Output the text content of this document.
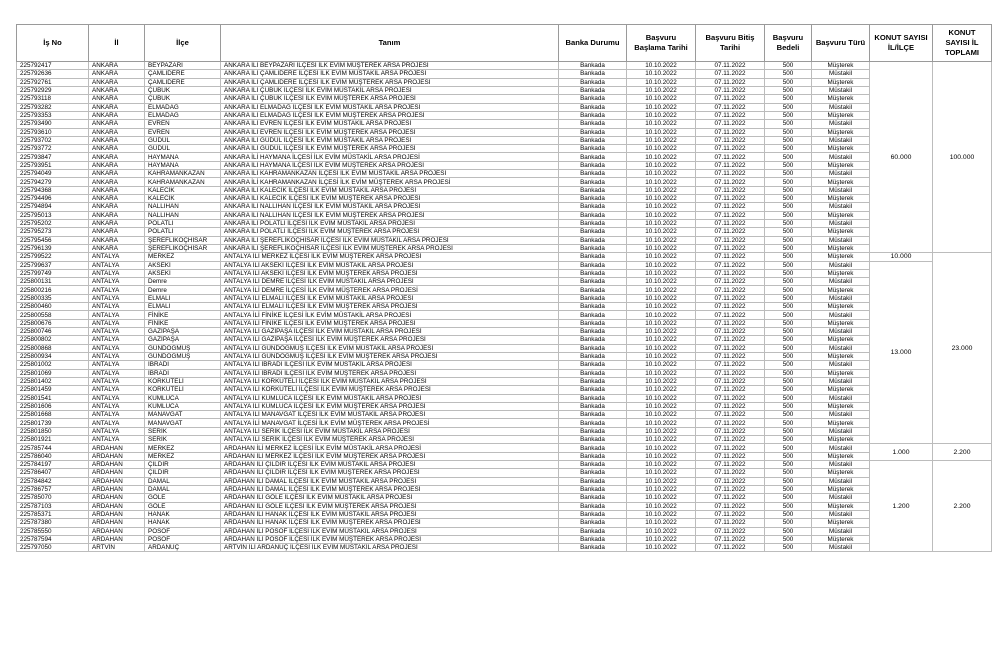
İş No	İl	İlçe	Tanım	Banka Durumu	Başvuru Başlama Tarihi	Başvuru Bitiş Tarihi	Başvuru Bedeli	Başvuru Türü	KONUT SAYISI İL/İLÇE	KONUT SAYISI İL TOPLAMI
225792417	ANKARA	BEYPAZARI	ANKARA İLİ BEYPAZARI İLÇESİ İLK EVİM MÜŞTEREK ARSA PROJESİ	Bankada	10.10.2022	07.11.2022	500	Müşterek	60.000	100.000
225792636	ANKARA	ÇAMLIDERE	ANKARA İLİ ÇAMLIDERE İLÇESİ İLK EVİM MÜSTAKİL ARSA PROJESİ	Bankada	10.10.2022	07.11.2022	500	Müstakil		
225792761	ANKARA	ÇAMLIDERE	ANKARA İLİ ÇAMLIDERE İLÇESİ İLK EVİM MÜŞTEREK ARSA PROJESİ	Bankada	10.10.2022	07.11.2022	500	Müşterek		
225792929	ANKARA	ÇUBUK	ANKARA İLİ ÇUBUK İLÇESİ İLK EVİM MÜSTAKİL ARSA PROJESİ	Bankada	10.10.2022	07.11.2022	500	Müstakil		
225793118	ANKARA	ÇUBUK	ANKARA İLİ ÇUBUK İLÇESİ İLK EVİM MÜŞTEREK ARSA PROJESİ	Bankada	10.10.2022	07.11.2022	500	Müşterek		
225793282	ANKARA	ELMADAĞ	ANKARA İLİ ELMADAĞ İLÇESİ İLK EVİM MÜSTAKİL ARSA PROJESİ	Bankada	10.10.2022	07.11.2022	500	Müstakil		
225793353	ANKARA	ELMADAĞ	ANKARA İLİ ELMADAĞ İLÇESİ İLK EVİM MÜŞTEREK ARSA PROJESİ	Bankada	10.10.2022	07.11.2022	500	Müşterek		
225793490	ANKARA	EVREN	ANKARA İLİ EVREN İLÇESİ İLK EVİM MÜSTAKİL ARSA PROJESİ	Bankada	10.10.2022	07.11.2022	500	Müstakil		
225793610	ANKARA	EVREN	ANKARA İLİ EVREN İLÇESİ İLK EVİM MÜŞTEREK ARSA PROJESİ	Bankada	10.10.2022	07.11.2022	500	Müşterek		
225793702	ANKARA	GÜDÜL	ANKARA İLİ GÜDÜL İLÇESİ İLK EVİM MÜSTAKİL ARSA PROJESİ	Bankada	10.10.2022	07.11.2022	500	Müstakil		
225793772	ANKARA	GÜDÜL	ANKARA İLİ GÜDÜL İLÇESİ İLK EVİM MÜŞTEREK ARSA PROJESİ	Bankada	10.10.2022	07.11.2022	500	Müşterek		
225793847	ANKARA	HAYMANA	ANKARA İLİ HAYMANA İLÇESİ İLK EVİM MÜSTAKİL ARSA PROJESİ	Bankada	10.10.2022	07.11.2022	500	Müstakil		
225793951	ANKARA	HAYMANA	ANKARA İLİ HAYMANA İLÇESİ İLK EVİM MÜŞTEREK ARSA PROJESİ	Bankada	10.10.2022	07.11.2022	500	Müşterek		
225794049	ANKARA	KAHRAMANKAZAN	ANKARA İLİ KAHRAMANKAZAN İLÇESİ İLK EVİM MÜSTAKİL ARSA PROJESİ	Bankada	10.10.2022	07.11.2022	500	Müstakil		
225794279	ANKARA	KAHRAMANKAZAN	ANKARA İLİ KAHRAMANKAZAN İLÇESİ İLK EVİM MÜŞTEREK ARSA PROJESİ	Bankada	10.10.2022	07.11.2022	500	Müşterek		
225794368	ANKARA	KALECİK	ANKARA İLİ KALECİK İLÇESİ İLK EVİM MÜSTAKİL ARSA PROJESİ	Bankada	10.10.2022	07.11.2022	500	Müstakil		
225794496	ANKARA	KALECİK	ANKARA İLİ KALECİK İLÇESİ İLK EVİM MÜŞTEREK ARSA PROJESİ	Bankada	10.10.2022	07.11.2022	500	Müşterek		
225794894	ANKARA	NALLIHAN	ANKARA İLİ NALLIHAN İLÇESİ İLK EVİM MÜSTAKİL ARSA PROJESİ	Bankada	10.10.2022	07.11.2022	500	Müstakil		
225795013	ANKARA	NALLIHAN	ANKARA İLİ NALLIHAN İLÇESİ İLK EVİM MÜŞTEREK ARSA PROJESİ	Bankada	10.10.2022	07.11.2022	500	Müşterek		
225795202	ANKARA	POLATLI	ANKARA İLİ POLATLI İLÇESİ İLK EVİM MÜSTAKİL ARSA PROJESİ	Bankada	10.10.2022	07.11.2022	500	Müstakil		
225795273	ANKARA	POLATLI	ANKARA İLİ POLATLI İLÇESİ İLK EVİM MÜŞTEREK ARSA PROJESİ	Bankada	10.10.2022	07.11.2022	500	Müşterek		
225795456	ANKARA	ŞEREFLİKOÇHİSAR	ANKARA İLİ ŞEREFLİKOÇHİSAR İLÇESİ İLK EVİM MÜSTAKİL ARSA PROJESİ	Bankada	10.10.2022	07.11.2022	500	Müstakil		
225796139	ANKARA	ŞEREFLİKOÇHİSAR	ANKARA İLİ ŞEREFLİKOÇHİSAR İLÇESİ İLK EVİM MÜŞTEREK ARSA PROJESİ	Bankada	10.10.2022	07.11.2022	500	Müşterek		
225799522	ANTALYA	MERKEZ	ANTALYA İLİ MERKEZ İLÇESİ İLK EVİM MÜŞTEREK ARSA PROJESİ	Bankada	10.10.2022	07.11.2022	500	Müşterek	10.000	23.000
225799637	ANTALYA	AKSEKİ	ANTALYA İLİ AKSEKİ İLÇESİ İLK EVİM MÜSTAKİL ARSA PROJESİ	Bankada	10.10.2022	07.11.2022	500	Müstakil	13.000	
225799749	ANTALYA	AKSEKİ	ANTALYA İLİ AKSEKİ İLÇESİ İLK EVİM MÜŞTEREK ARSA PROJESİ	Bankada	10.10.2022	07.11.2022	500	Müşterek		
225800131	ANTALYA	Demre	ANTALYA İLİ DEMRE İLÇESİ İLK EVİM MÜSTAKİL ARSA PROJESİ	Bankada	10.10.2022	07.11.2022	500	Müstakil		
225800216	ANTALYA	Demre	ANTALYA İLİ DEMRE İLÇESİ İLK EVİM MÜŞTEREK ARSA PROJESİ	Bankada	10.10.2022	07.11.2022	500	Müşterek		
225800335	ANTALYA	ELMALI	ANTALYA İLİ ELMALI İLÇESİ İLK EVİM MÜSTAKİL ARSA PROJESİ	Bankada	10.10.2022	07.11.2022	500	Müstakil		
225800460	ANTALYA	ELMALI	ANTALYA İLİ ELMALI İLÇESİ İLK EVİM MÜŞTEREK ARSA PROJESİ	Bankada	10.10.2022	07.11.2022	500	Müşterek		
225800558	ANTALYA	FİNİKE	ANTALYA İLİ FİNİKE İLÇESİ İLK EVİM MÜSTAKİL ARSA PROJESİ	Bankada	10.10.2022	07.11.2022	500	Müstakil		
225800676	ANTALYA	FİNİKE	ANTALYA İLİ FİNİKE İLÇESİ İLK EVİM MÜŞTEREK ARSA PROJESİ	Bankada	10.10.2022	07.11.2022	500	Müşterek		
225800746	ANTALYA	GAZİPAŞA	ANTALYA İLİ GAZİPAŞA İLÇESİ İLK EVİM MÜSTAKİL ARSA PROJESİ	Bankada	10.10.2022	07.11.2022	500	Müstakil		
225800802	ANTALYA	GAZİPAŞA	ANTALYA İLİ GAZİPAŞA İLÇESİ İLK EVİM MÜŞTEREK ARSA PROJESİ	Bankada	10.10.2022	07.11.2022	500	Müşterek		
225800868	ANTALYA	GÜNDOĞMUŞ	ANTALYA İLİ GÜNDOĞMUŞ İLÇESİ İLK EVİM MÜSTAKİL ARSA PROJESİ	Bankada	10.10.2022	07.11.2022	500	Müstakil		
225800934	ANTALYA	GÜNDOĞMUŞ	ANTALYA İLİ GÜNDOĞMUŞ İLÇESİ İLK EVİM MÜŞTEREK ARSA PROJESİ	Bankada	10.10.2022	07.11.2022	500	Müşterek		
225801002	ANTALYA	İBRADI	ANTALYA İLİ İBRADI İLÇESİ İLK EVİM MÜSTAKİL ARSA PROJESİ	Bankada	10.10.2022	07.11.2022	500	Müstakil		
225801069	ANTALYA	İBRADI	ANTALYA İLİ İBRADI İLÇESİ İLK EVİM MÜŞTEREK ARSA PROJESİ	Bankada	10.10.2022	07.11.2022	500	Müşterek		
225801402	ANTALYA	KORKUTELİ	ANTALYA İLİ KORKUTELİ İLÇESİ İLK EVİM MÜSTAKİL ARSA PROJESİ	Bankada	10.10.2022	07.11.2022	500	Müstakil		
225801459	ANTALYA	KORKUTELİ	ANTALYA İLİ KORKUTELİ İLÇESİ İLK EVİM MÜŞTEREK ARSA PROJESİ	Bankada	10.10.2022	07.11.2022	500	Müşterek		
225801541	ANTALYA	KUMLUCA	ANTALYA İLİ KUMLUCA İLÇESİ İLK EVİM MÜSTAKİL ARSA PROJESİ	Bankada	10.10.2022	07.11.2022	500	Müstakil		
225801606	ANTALYA	KUMLUCA	ANTALYA İLİ KUMLUCA İLÇESİ İLK EVİM MÜŞTEREK ARSA PROJESİ	Bankada	10.10.2022	07.11.2022	500	Müşterek		
225801668	ANTALYA	MANAVGAT	ANTALYA İLİ MANAVGAT İLÇESİ İLK EVİM MÜSTAKİL ARSA PROJESİ	Bankada	10.10.2022	07.11.2022	500	Müstakil		
225801739	ANTALYA	MANAVGAT	ANTALYA İLİ MANAVGAT İLÇESİ İLK EVİM MÜŞTEREK ARSA PROJESİ	Bankada	10.10.2022	07.11.2022	500	Müşterek		
225801850	ANTALYA	SERİK	ANTALYA İLİ SERİK İLÇESİ İLK EVİM MÜSTAKİL ARSA PROJESİ	Bankada	10.10.2022	07.11.2022	500	Müstakil		
225801921	ANTALYA	SERİK	ANTALYA İLİ SERİK İLÇESİ İLK EVİM MÜŞTEREK ARSA PROJESİ	Bankada	10.10.2022	07.11.2022	500	Müşterek		
225785744	ARDAHAN	MERKEZ	ARDAHAN İLİ MERKEZ İLÇESİ İLK EVİM MÜSTAKİL ARSA PROJESİ	Bankada	10.10.2022	07.11.2022	500	Müstakil	1.000	2.200
225786040	ARDAHAN	MERKEZ	ARDAHAN İLİ MERKEZ İLÇESİ İLK EVİM MÜŞTEREK ARSA PROJESİ	Bankada	10.10.2022	07.11.2022	500	Müşterek		
225784197	ARDAHAN	ÇILDIR	ARDAHAN İLİ ÇILDIR İLÇESİ İLK EVİM MÜSTAKİL ARSA PROJESİ	Bankada	10.10.2022	07.11.2022	500	Müstakil	1.200	2.200
225786407	ARDAHAN	ÇILDIR	ARDAHAN İLİ ÇILDIR İLÇESİ İLK EVİM MÜŞTEREK ARSA PROJESİ	Bankada	10.10.2022	07.11.2022	500	Müşterek		
225784842	ARDAHAN	DAMAL	ARDAHAN İLİ DAMAL İLÇESİ İLK EVİM MÜSTAKİL ARSA PROJESİ	Bankada	10.10.2022	07.11.2022	500	Müstakil		
225786757	ARDAHAN	DAMAL	ARDAHAN İLİ DAMAL İLÇESİ İLK EVİM MÜŞTEREK ARSA PROJESİ	Bankada	10.10.2022	07.11.2022	500	Müşterek		
225785070	ARDAHAN	GÖLE	ARDAHAN İLİ GÖLE İLÇESİ İLK EVİM MÜSTAKİL ARSA PROJESİ	Bankada	10.10.2022	07.11.2022	500	Müstakil		
225787103	ARDAHAN	GÖLE	ARDAHAN İLİ GÖLE İLÇESİ İLK EVİM MÜŞTEREK ARSA PROJESİ	Bankada	10.10.2022	07.11.2022	500	Müşterek		
225785371	ARDAHAN	HANAK	ARDAHAN İLİ HANAK İLÇESİ İLK EVİM MÜSTAKİL ARSA PROJESİ	Bankada	10.10.2022	07.11.2022	500	Müstakil		
225787380	ARDAHAN	HANAK	ARDAHAN İLİ HANAK İLÇESİ İLK EVİM MÜŞTEREK ARSA PROJESİ	Bankada	10.10.2022	07.11.2022	500	Müşterek		
225785550	ARDAHAN	POSOF	ARDAHAN İLİ POSOF İLÇESİ İLK EVİM MÜSTAKİL ARSA PROJESİ	Bankada	10.10.2022	07.11.2022	500	Müstakil		
225787594	ARDAHAN	POSOF	ARDAHAN İLİ POSOF İLÇESİ İLK EVİM MÜŞTEREK ARSA PROJESİ	Bankada	10.10.2022	07.11.2022	500	Müşterek		
225797050	ARTVİN	ARDANUÇ	ARTVİN İLİ ARDANUÇ İLÇESİ İLK EVİM MÜSTAKİL ARSA PROJESİ	Bankada	10.10.2022	07.11.2022	500	Müstakil		
